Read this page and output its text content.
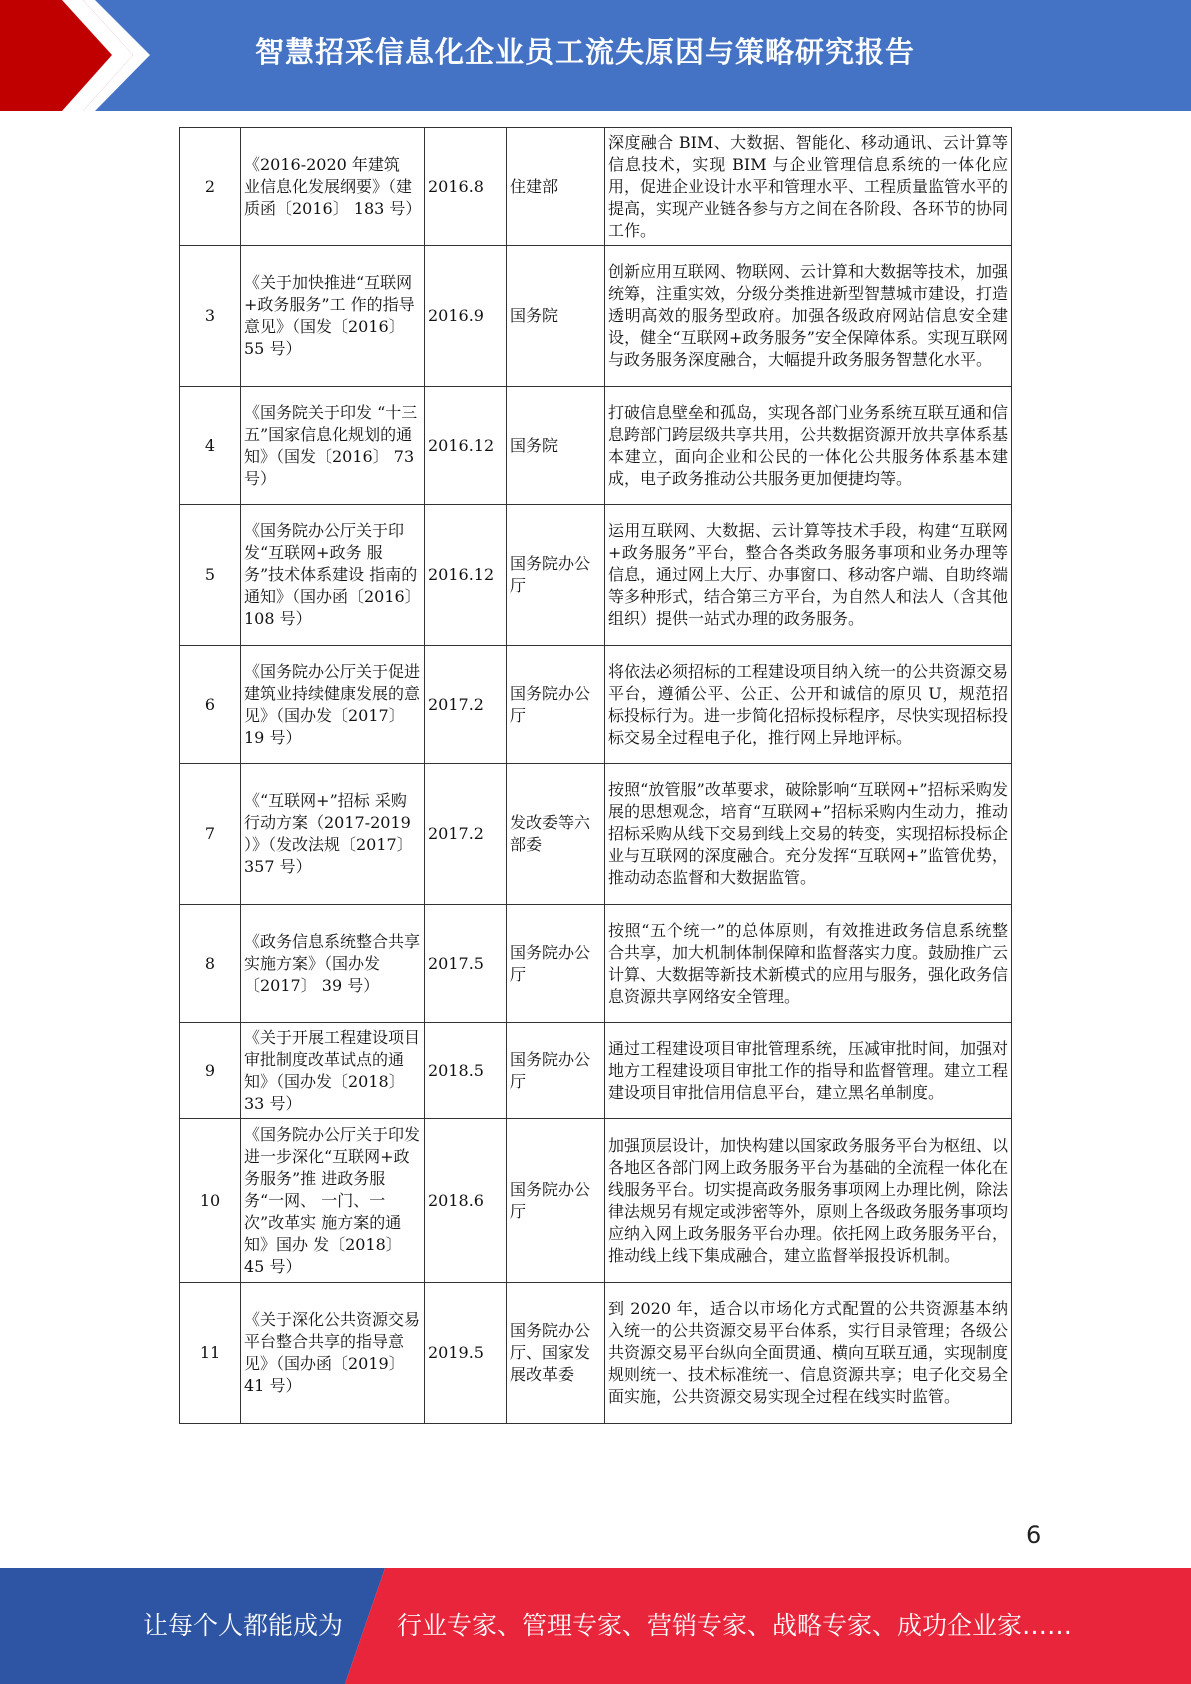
智慧招采信息化企业员工流失原因与策略研究报告
2	《2016-2020 年建筑 业信息化发展纲要》（建质函〔2016〕 183 号）	2016.8	住建部	深度融合 BIM、大数据、智能化、移动通讯、云计算等信息技术，实现 BIM 与企业管理信息系统的一体化应用，促进企业设计水平和管理水平、工程质量监管水平的提高，实现产业链各参与方之间在各阶段、各环节的协同工作。
3	《关于加快推进“互联网+政务服务”工 作的指导意见》（国发〔2016〕 55 号）	2016.9	国务院	创新应用互联网、物联网、云计算和大数据等技术，加强统筹，注重实效，分级分类推进新型智慧城市建设，打造透明高效的服务型政府。加强各级政府网站信息安全建设，健全“互联网+政务服务”安全保障体系。实现互联网与政务服务深度融合，大幅提升政务服务智慧化水平。
4	《国务院关于印发 “十三五”国家信息化规划的通知》（国发〔2016〕 73 号）	2016.12	国务院	打破信息壁垒和孤岛，实现各部门业务系统互联互通和信息跨部门跨层级共享共用，公共数据资源开放共享体系基本建立，面向企业和公民的一体化公共服务体系基本建成，电子政务推动公共服务更加便捷均等。
5	《国务院办公厅关于印发“互联网+政务 服务”技术体系建设 指南的通知》（国办函〔2016〕 108 号）	2016.12	国务院办公厅	运用互联网、大数据、云计算等技术手段，构建“互联网+政务服务”平台，整合各类政务服务事项和业务办理等信息，通过网上大厅、办事窗口、移动客户端、自助终端等多种形式，结合第三方平台，为自然人和法人（含其他组织）提供一站式办理的政务服务。
6	《国务院办公厅关于促进建筑业持续健康发展的意见》（国办发〔2017〕 19 号）	2017.2	国务院办公厅	将依法必须招标的工程建设项目纳入统一的公共资源交易平台，遵循公平、公正、公开和诚信的原贝 U，规范招标投标行为。进一步简化招标投标程序，尽快实现招标投标交易全过程电子化，推行网上异地评标。
7	《“互联网+”招标 采购行动方案（2017-2019 ）》（发改法规〔2017〕 357 号）	2017.2	发改委等六部委	按照“放管服”改革要求，破除影响“互联网+”招标采购发展的思想观念，培育“互联网+”招标采购内生动力，推动招标采购从线下交易到线上交易的转变，实现招标投标企业与互联网的深度融合。充分发挥“互联网+”监管优势，推动动态监督和大数据监管。
8	《政务信息系统整合共享实施方案》（国办发〔2017〕 39 号）	2017.5	国务院办公厅	按照“五个统一”的总体原则，有效推进政务信息系统整合共享，加大机制体制保障和监督落实力度。鼓励推广云计算、大数据等新技术新模式的应用与服务，强化政务信息资源共享网络安全管理。
9	《关于开展工程建设项目审批制度改革试点的通知》（国办发〔2018〕 33 号）	2018.5	国务院办公厅	通过工程建设项目审批管理系统，压减审批时间，加强对地方工程建设项目审批工作的指导和监督管理。建立工程建设项目审批信用信息平台，建立黑名单制度。
10	《国务院办公厅关于印发进一步深化“互联网+政务服务”推 进政务服务“一网、 一门、一次”改革实 施方案的通知》国办 发〔2018〕 45 号）	2018.6	国务院办公厅	加强顶层设计，加快构建以国家政务服务平台为枢纽、以各地区各部门网上政务服务平台为基础的全流程一体化在线服务平台。切实提高政务服务事项网上办理比例，除法律法规另有规定或涉密等外，原则上各级政务服务事项均应纳入网上政务服务平台办理。依托网上政务服务平台，推动线上线下集成融合，建立监督举报投诉机制。
11	《关于深化公共资源交易平台整合共享的指导意见》（国办函〔2019〕 41 号）	2019.5	国务院办公厅、国家发展改革委	到 2020 年，适合以市场化方式配置的公共资源基本纳入统一的公共资源交易平台体系，实行目录管理；各级公共资源交易平台纵向全面贯通、横向互联互通，实现制度规则统一、技术标准统一、信息资源共享；电子化交易全面实施，公共资源交易实现全过程在线实时监管。
6
让每个人都能成为 行业专家、管理专家、营销专家、战略专家、成功企业家……
